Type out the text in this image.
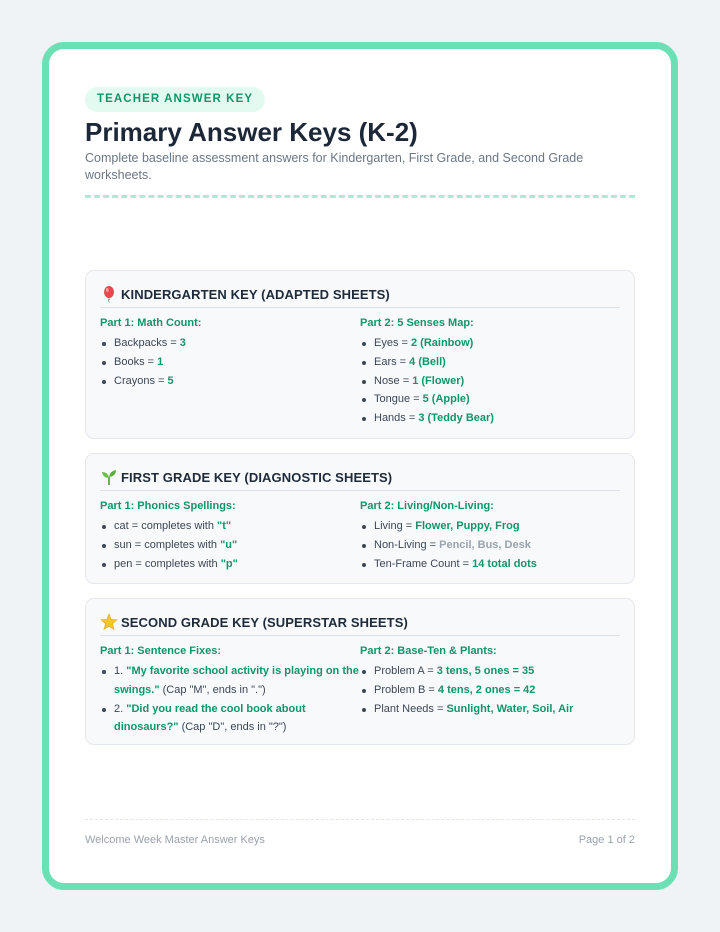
TEACHER ANSWER KEY
Primary Answer Keys (K-2)
Complete baseline assessment answers for Kindergarten, First Grade, and Second Grade worksheets.
KINDERGARTEN KEY (ADAPTED SHEETS)
Part 1: Math Count:
Backpacks = 3
Books = 1
Crayons = 5
Part 2: 5 Senses Map:
Eyes = 2 (Rainbow)
Ears = 4 (Bell)
Nose = 1 (Flower)
Tongue = 5 (Apple)
Hands = 3 (Teddy Bear)
FIRST GRADE KEY (DIAGNOSTIC SHEETS)
Part 1: Phonics Spellings:
cat = completes with "t"
sun = completes with "u"
pen = completes with "p"
Part 2: Living/Non-Living:
Living = Flower, Puppy, Frog
Non-Living = Pencil, Bus, Desk
Ten-Frame Count = 14 total dots
SECOND GRADE KEY (SUPERSTAR SHEETS)
Part 1: Sentence Fixes:
1. "My favorite school activity is playing on the swings." (Cap "M", ends in ".")
2. "Did you read the cool book about dinosaurs?" (Cap "D", ends in "?")
Part 2: Base-Ten & Plants:
Problem A = 3 tens, 5 ones = 35
Problem B = 4 tens, 2 ones = 42
Plant Needs = Sunlight, Water, Soil, Air
Welcome Week Master Answer Keys	Page 1 of 2
